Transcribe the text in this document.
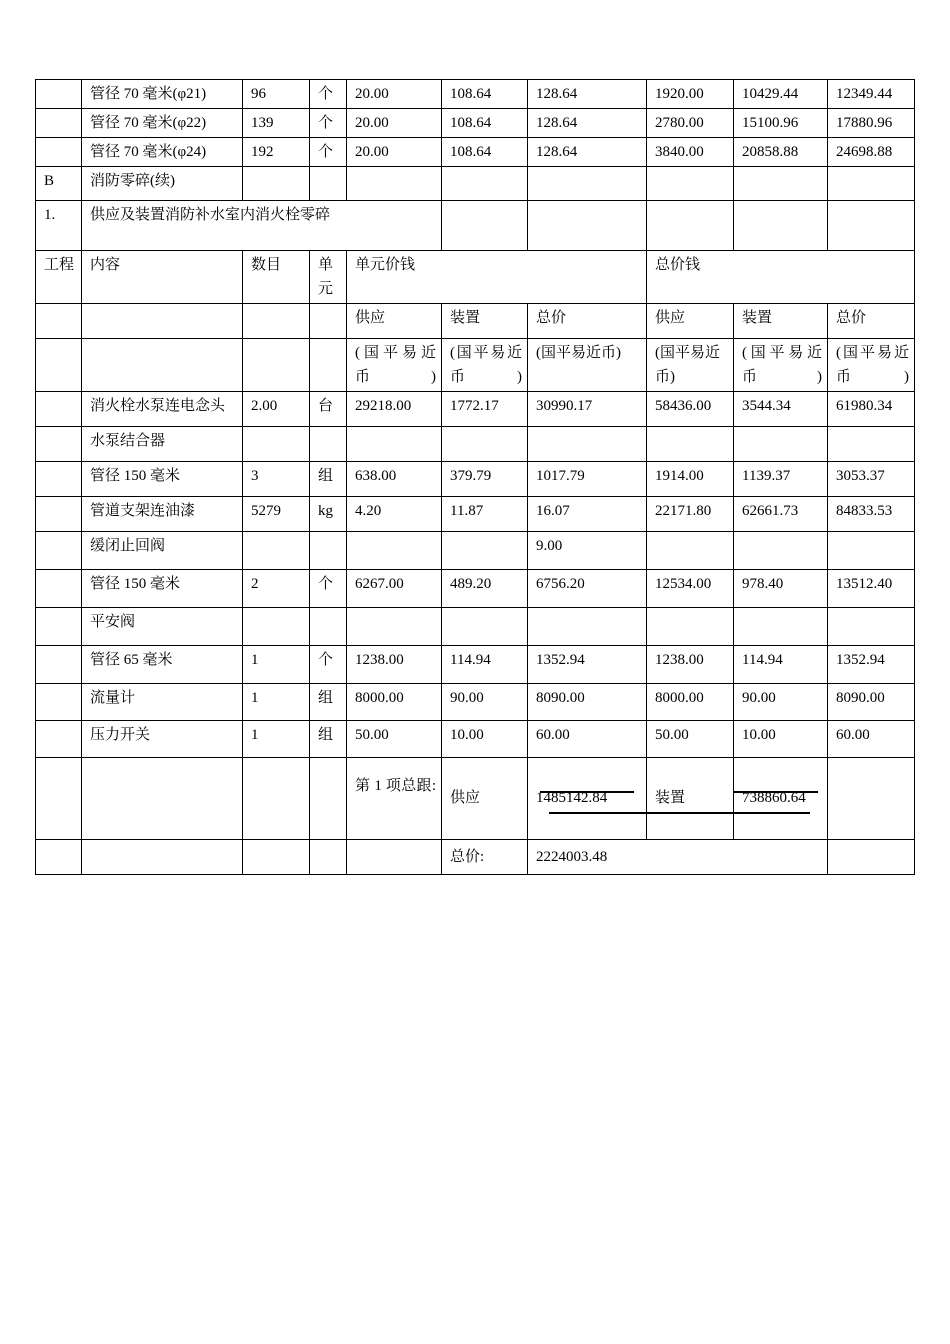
	管径 70 毫米(φ21)	96	个	20.00	108.64	128.64	1920.00	10429.44	12349.44
	管径 70 毫米(φ22)	139	个	20.00	108.64	128.64	2780.00	15100.96	17880.96
	管径 70 毫米(φ24)	192	个	20.00	108.64	128.64	3840.00	20858.88	24698.88
B	消防零碎(续)								
1.	供应及装置消防补水室内消火栓零碎								
工程	内容	数目	单元	单元价钱			总价钱		
				供应	装置	总价	供应	装置	总价
				(国平易近币)	(国平易近币)	(国平易近币)	(国平易近币)	(国平易近币)	(国平易近币)
	消火栓水泵连电念头	2.00	台	29218.00	1772.17	30990.17	58436.00	3544.34	61980.34
	水泵结合器								
	管径 150 毫米	3	组	638.00	379.79	1017.79	1914.00	1139.37	3053.37
	管道支架连油漆	5279	kg	4.20	11.87	16.07	22171.80	62661.73	84833.53
	缓闭止回阀					9.00			
	管径 150 毫米	2	个	6267.00	489.20	6756.20	12534.00	978.40	13512.40
	平安阀								
	管径 65 毫米	1	个	1238.00	114.94	1352.94	1238.00	114.94	1352.94
	流量计	1	组	8000.00	90.00	8090.00	8000.00	90.00	8090.00
	压力开关	1	组	50.00	10.00	60.00	50.00	10.00	60.00
				第 1 项总跟:	供应	1485142.84	装置	738860.64

					总价:	2224003.48			
